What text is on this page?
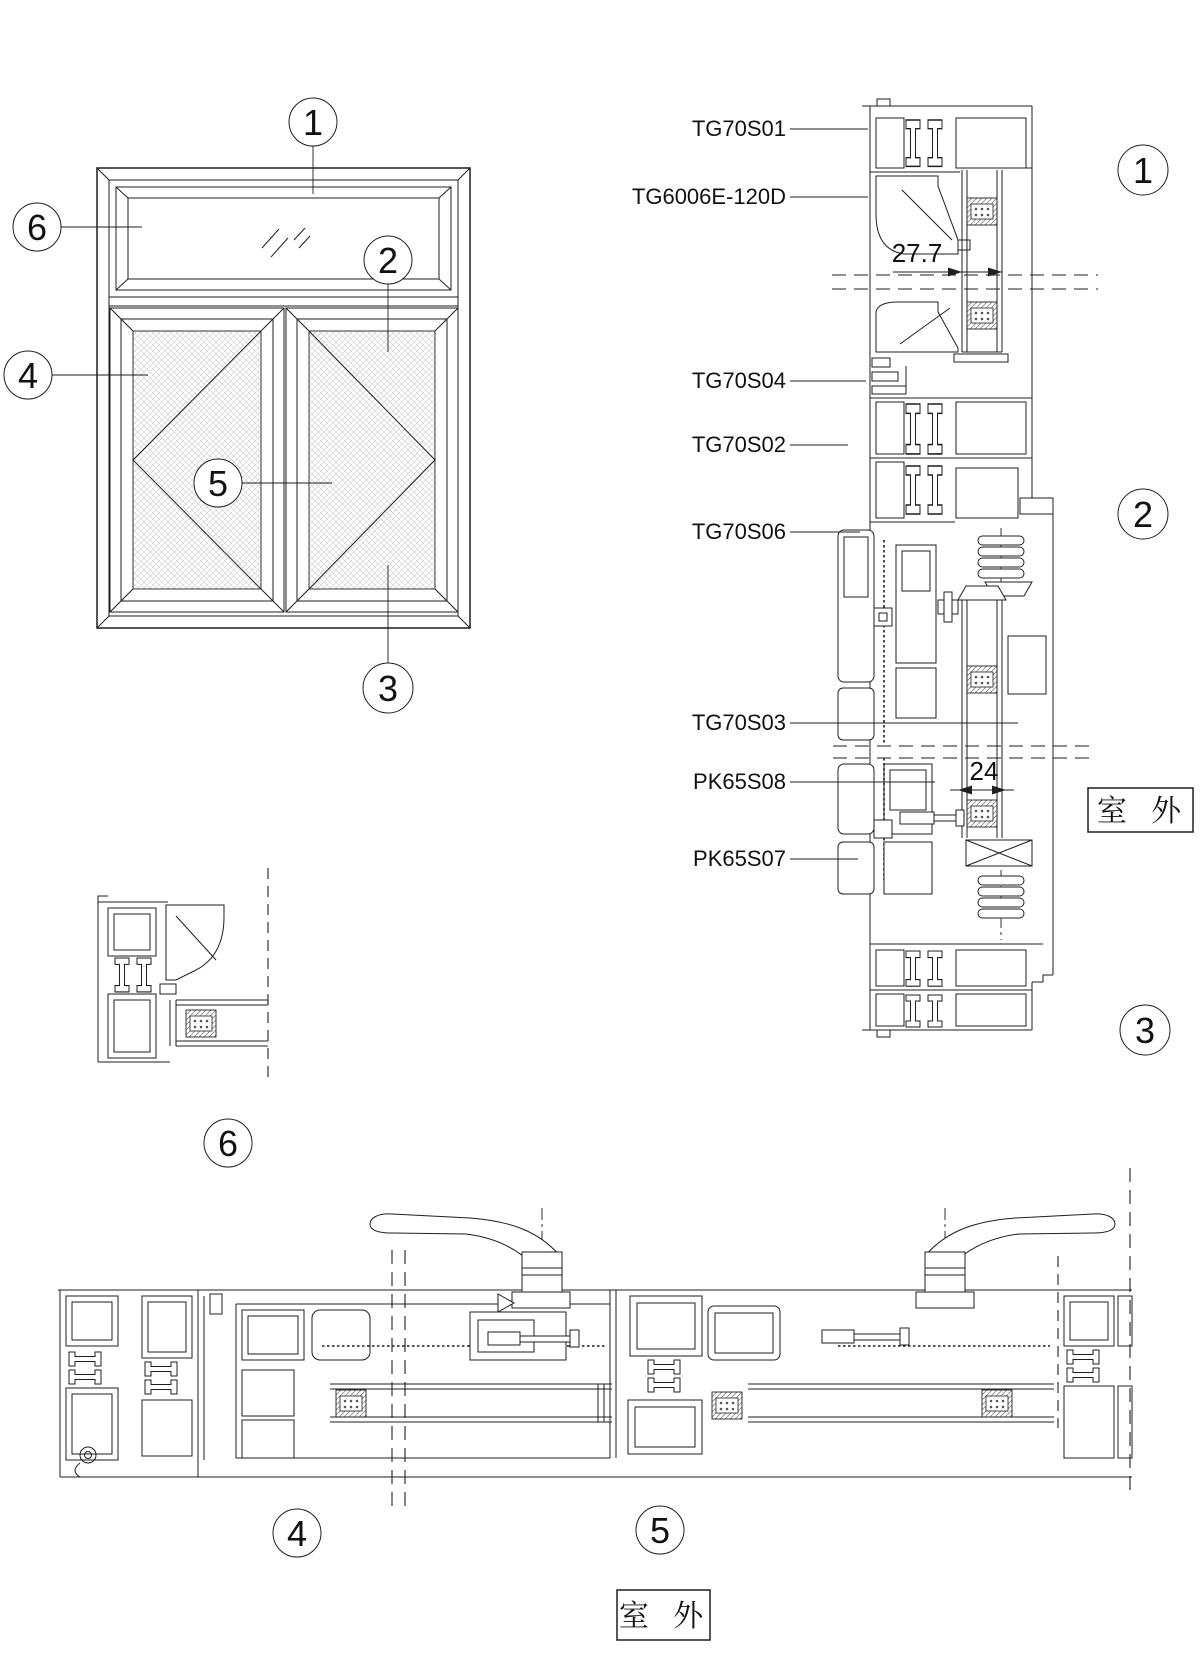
1
2
3
4
5
6
27.7
24
TG70S01
TG6006E-120D
TG70S04
TG70S02
TG70S06
TG70S03
PK65S08
PK65S07
1
2
3
室 外
6
4	5
室 外
